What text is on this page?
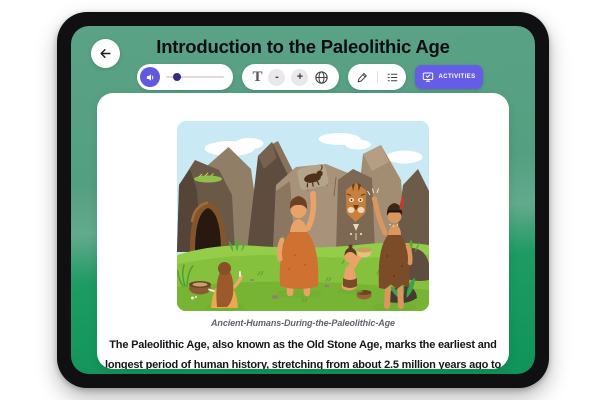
Introduction to the Paleolithic Age
T	-	+	ACTIVITIES
Ancient-Humans-During-the-Paleolithic-Age
The Paleolithic Age, also known as the Old Stone Age, marks the earliest and
longest period of human history, stretching from about 2.5 million years ago to
